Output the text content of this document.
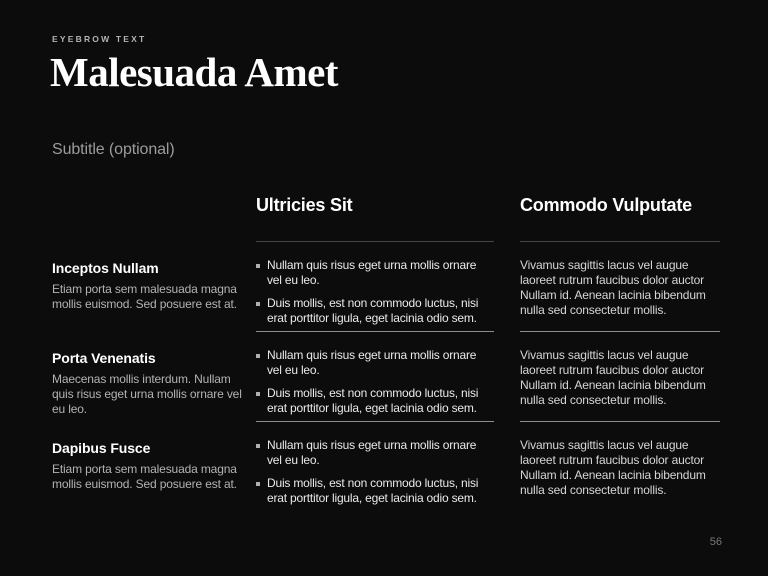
EYEBROW TEXT
Malesuada Amet
Subtitle (optional)
Ultricies Sit	Commodo Vulputate
Inceptos Nullam
Etiam porta sem malesuada magna mollis euismod. Sed posuere est at.
Nullam quis risus eget urna mollis ornare vel eu leo.
Duis mollis, est non commodo luctus, nisi erat porttitor ligula, eget lacinia odio sem.
Vivamus sagittis lacus vel augue laoreet rutrum faucibus dolor auctor Nullam id. Aenean lacinia bibendum nulla sed consectetur mollis.
Porta Venenatis
Maecenas mollis interdum. Nullam quis risus eget urna mollis ornare vel eu leo.
Nullam quis risus eget urna mollis ornare vel eu leo.
Duis mollis, est non commodo luctus, nisi erat porttitor ligula, eget lacinia odio sem.
Vivamus sagittis lacus vel augue laoreet rutrum faucibus dolor auctor Nullam id. Aenean lacinia bibendum nulla sed consectetur mollis.
Dapibus Fusce
Etiam porta sem malesuada magna mollis euismod. Sed posuere est at.
Nullam quis risus eget urna mollis ornare vel eu leo.
Duis mollis, est non commodo luctus, nisi erat porttitor ligula, eget lacinia odio sem.
Vivamus sagittis lacus vel augue laoreet rutrum faucibus dolor auctor Nullam id. Aenean lacinia bibendum nulla sed consectetur mollis.
56
